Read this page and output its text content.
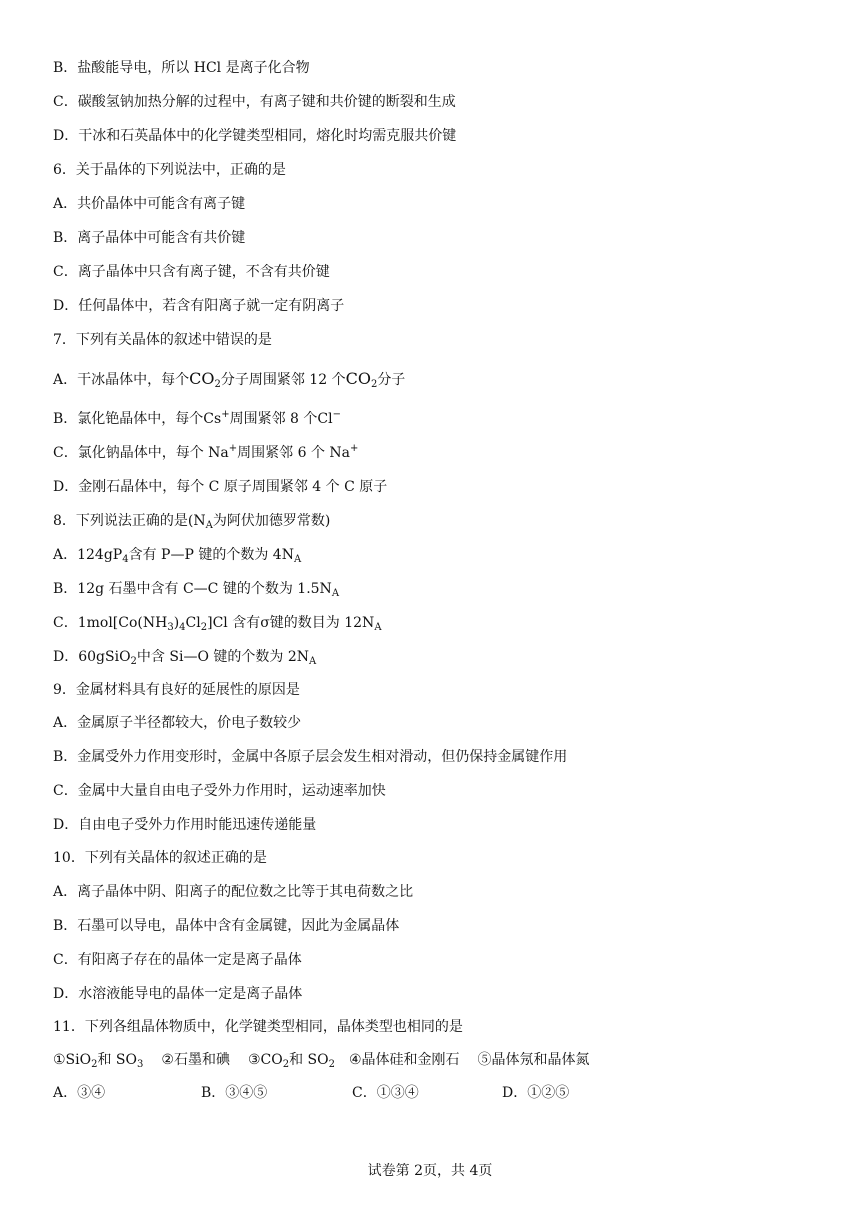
B．盐酸能导电，所以 HCl 是离子化合物
C．碳酸氢钠加热分解的过程中，有离子键和共价键的断裂和生成
D．干冰和石英晶体中的化学键类型相同，熔化时均需克服共价键
6．关于晶体的下列说法中，正确的是
A．共价晶体中可能含有离子键
B．离子晶体中可能含有共价键
C．离子晶体中只含有离子键，不含有共价键
D．任何晶体中，若含有阳离子就一定有阴离子
7．下列有关晶体的叙述中错误的是
A．干冰晶体中，每个$CO_2$分子周围紧邻 12 个$CO_2$分子
B．氯化铯晶体中，每个Cs+周围紧邻 8 个Cl−
C．氯化钠晶体中，每个 Na+周围紧邻 6 个 Na+
D．金刚石晶体中，每个 C 原子周围紧邻 4 个 C 原子
8．下列说法正确的是($N_A$为阿伏加德罗常数)
A．$124gP_4$含有 P—P 键的个数为 $4N_A$
B．12g 石墨中含有 C—C 键的个数为 $1.5N_A$
C．$1mol[Co(NH_3)_4Cl_2]Cl$ 含有σ键的数目为 $12N_A$
D．60gSiO$_2$中含 Si—O 键的个数为 $2N_A$
9．金属材料具有良好的延展性的原因是
A．金属原子半径都较大，价电子数较少
B．金属受外力作用变形时，金属中各原子层会发生相对滑动，但仍保持金属键作用
C．金属中大量自由电子受外力作用时，运动速率加快
D．自由电子受外力作用时能迅速传递能量
10．下列有关晶体的叙述正确的是
A．离子晶体中阴、阳离子的配位数之比等于其电荷数之比
B．石墨可以导电，晶体中含有金属键，因此为金属晶体
C．有阳离子存在的晶体一定是离子晶体
D．水溶液能导电的晶体一定是离子晶体
11．下列各组晶体物质中，化学键类型相同，晶体类型也相同的是
①SiO$_2$和 $SO_3$ ②石墨和碘 $③CO_2$和 $SO_2$ ④晶体硅和金刚石 ⑤晶体氖和晶体氮
A．③④	B．③④⑤	C．①③④	D．①②⑤
试卷第 2页，共 4页
